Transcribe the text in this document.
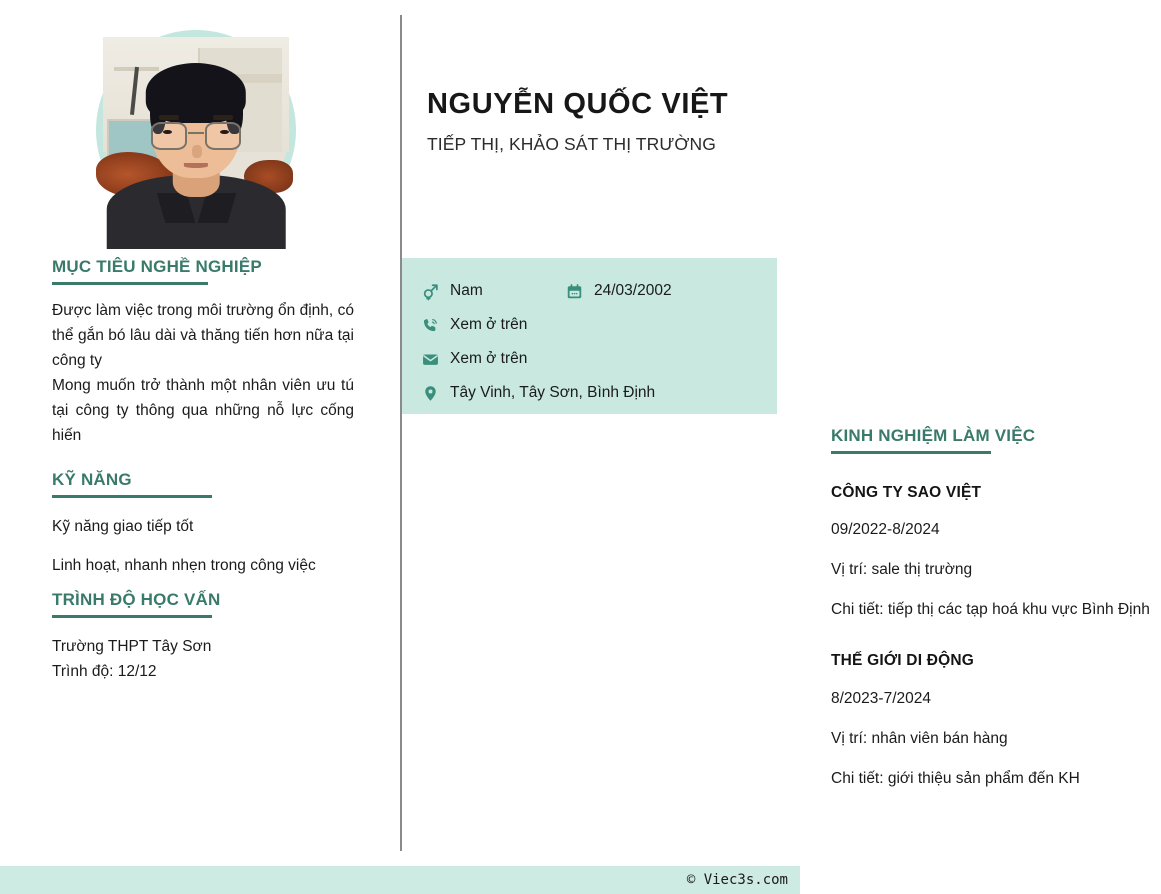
MỤC TIÊU NGHỀ NGHIỆP

Được làm việc trong môi trường ổn định, có thể gắn bó lâu dài và thăng tiến hơn nữa tại công ty

Mong muốn trở thành một nhân viên ưu tú tại công ty thông qua những nỗ lực cống hiến

KỸ NĂNG
Kỹ năng giao tiếp tốt
Linh hoạt, nhanh nhẹn trong công việc
TRÌNH ĐỘ HỌC VẤN
Trường THPT Tây Sơn
Trình độ: 12/12
NGUYỄN QUỐC VIỆT
TIẾP THỊ, KHẢO SÁT THỊ TRƯỜNG
Nam	24/03/2002
Xem ở trên
Xem ở trên
Tây Vinh, Tây Sơn, Bình Định
KINH NGHIỆM LÀM VIỆC
CÔNG TY SAO VIỆT
09/2022-8/2024
Vị trí: sale thị trường
Chi tiết: tiếp thị các tạp hoá khu vực Bình Định
THẾ GIỚI DI ĐỘNG
8/2023-7/2024
Vị trí: nhân viên bán hàng
Chi tiết: giới thiệu sản phẩm đến KH
© Viec3s.com
